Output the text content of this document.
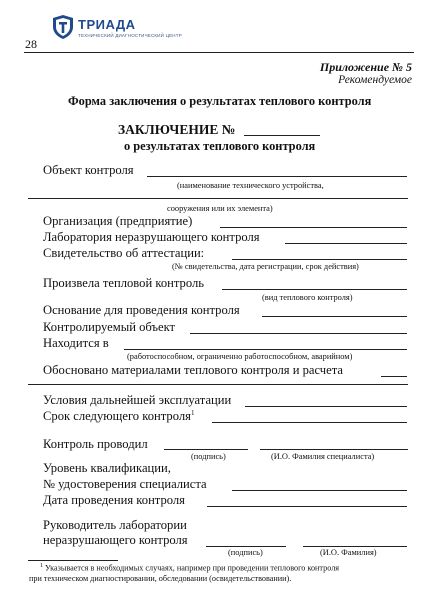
ТРИАДА
ТЕХНИЧЕСКИЙ ДИАГНОСТИЧЕСКИЙ ЦЕНТР
28
Приложение № 5
Рекомендуемое
Форма заключения о результатах теплового контроля
ЗАКЛЮЧЕНИЕ №
о результатах теплового контроля
Объект контроля
(наименование технического устройства,
сооружения или их элемента)
Организация (предприятие)
Лаборатория неразрушающего контроля
Свидетельство об аттестации:
(№ свидетельства, дата регистрации, срок действия)
Произвела тепловой контроль
(вид теплового контроля)
Основание для проведения контроля
Контролируемый объект
Находится в
(работоспособном, ограниченно работоспособном, аварийном)
Обосновано материалами теплового контроля и расчета
Условия дальнейшей эксплуатации
Срок следующего контроля$^1$
Контроль проводил
(подпись)	(И.О. Фамилия специалиста)
Уровень квалификации,
№ удостоверения специалиста
Дата проведения контроля
Руководитель лаборатории
неразрушающего контроля
(подпись)	(И.О. Фамилия)
$^1$ Указывается в необходимых случаях, например при проведении теплового контроля
при техническом диагностировании, обследовании (освидетельствовании).
